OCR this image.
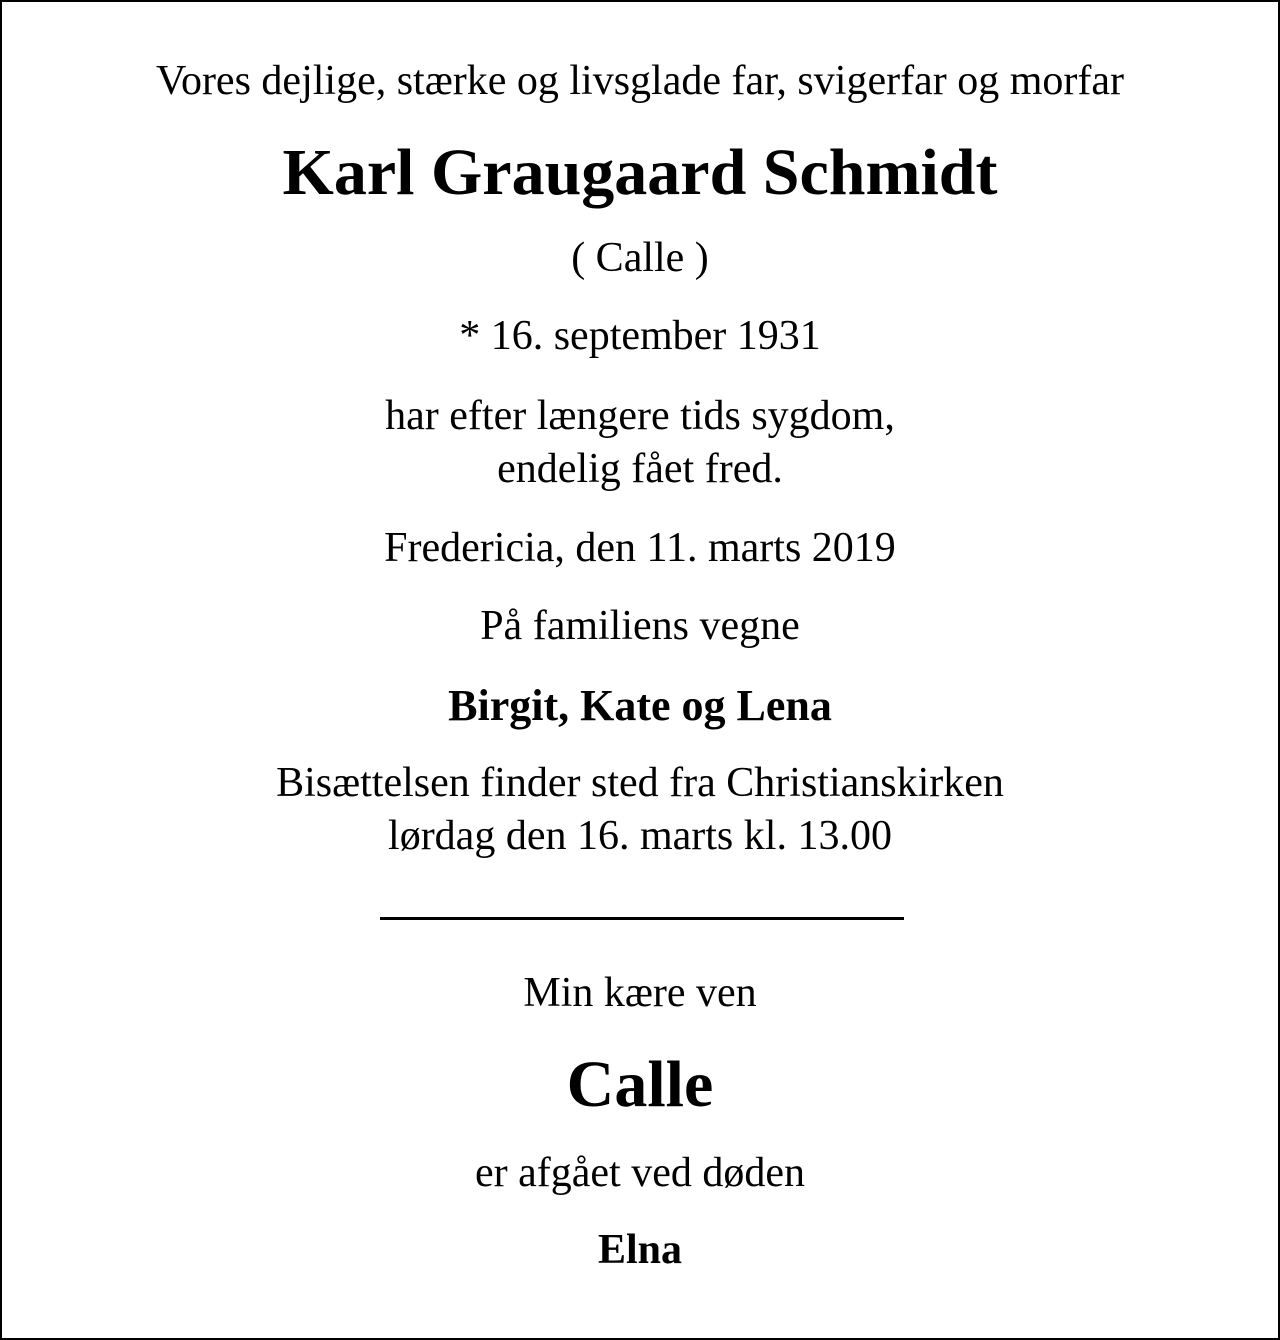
Vores dejlige, stærke og livsglade far, svigerfar og morfar
Karl Graugaard Schmidt
( Calle )
* 16. september 1931
har efter længere tids sygdom,
endelig fået fred.
Fredericia, den 11. marts 2019
På familiens vegne
Birgit, Kate og Lena
Bisættelsen finder sted fra Christianskirken
lørdag den 16. marts kl. 13.00
Min kære ven
Calle
er afgået ved døden
Elna
